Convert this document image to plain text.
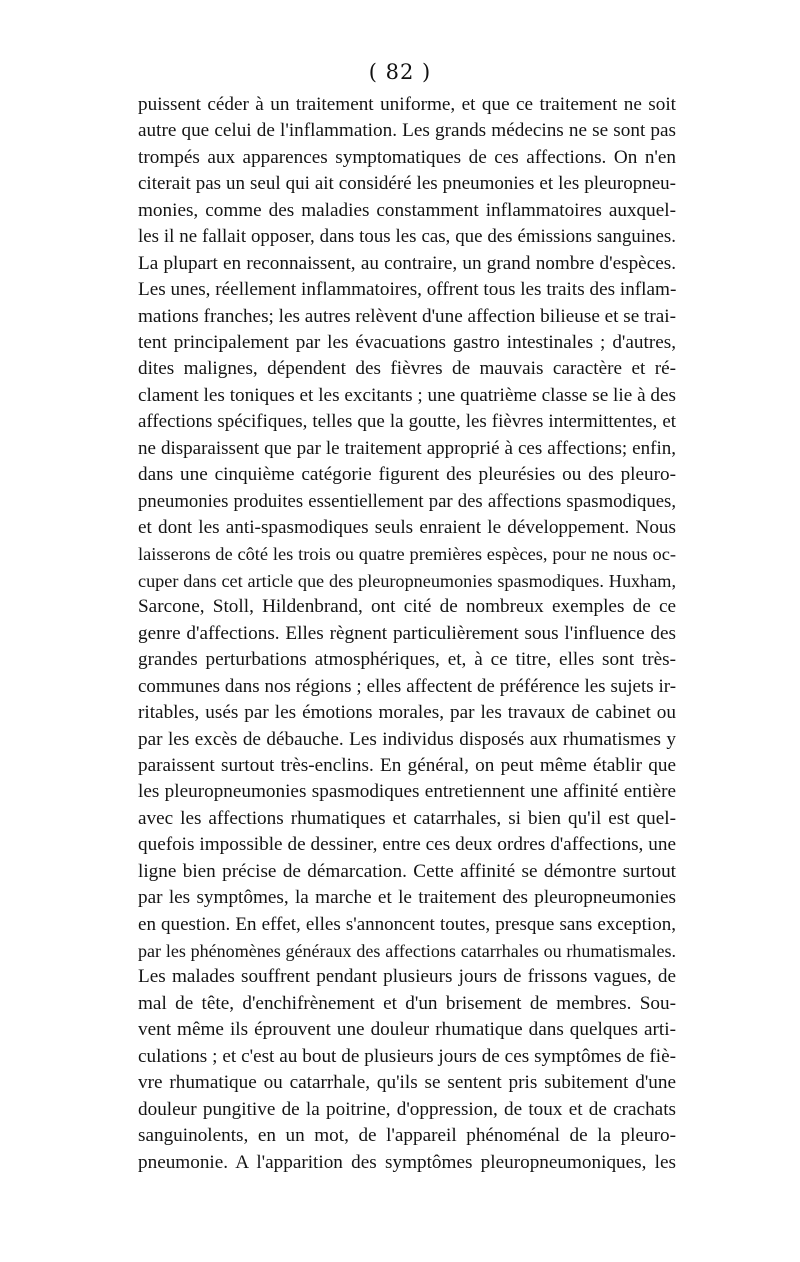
( 82 )
puissent céder à un traitement uniforme, et que ce traitement ne soit
autre que celui de l'inflammation. Les grands médecins ne se sont pas
trompés aux apparences symptomatiques de ces affections. On n'en
citerait pas un seul qui ait considéré les pneumonies et les pleuropneu-
monies, comme des maladies constamment inflammatoires auxquel-
les il ne fallait opposer, dans tous les cas, que des émissions sanguines.
La plupart en reconnaissent, au contraire, un grand nombre d'espèces.
Les unes, réellement inflammatoires, offrent tous les traits des inflam-
mations franches; les autres relèvent d'une affection bilieuse et se trai-
tent principalement par les évacuations gastro intestinales ; d'autres,
dites malignes, dépendent des fièvres de mauvais caractère et ré-
clament les toniques et les excitants ; une quatrième classe se lie à des
affections spécifiques, telles que la goutte, les fièvres intermittentes, et
ne disparaissent que par le traitement approprié à ces affections; enfin,
dans une cinquième catégorie figurent des pleurésies ou des pleuro-
pneumonies produites essentiellement par des affections spasmodiques,
et dont les anti-spasmodiques seuls enraient le développement. Nous
laisserons de côté les trois ou quatre premières espèces, pour ne nous oc-
cuper dans cet article que des pleuropneumonies spasmodiques. Huxham,
Sarcone, Stoll, Hildenbrand, ont cité de nombreux exemples de ce
genre d'affections. Elles règnent particulièrement sous l'influence des
grandes perturbations atmosphériques, et, à ce titre, elles sont très-
communes dans nos régions ; elles affectent de préférence les sujets ir-
ritables, usés par les émotions morales, par les travaux de cabinet ou
par les excès de débauche. Les individus disposés aux rhumatismes y
paraissent surtout très-enclins. En général, on peut même établir que
les pleuropneumonies spasmodiques entretiennent une affinité entière
avec les affections rhumatiques et catarrhales, si bien qu'il est quel-
quefois impossible de dessiner, entre ces deux ordres d'affections, une
ligne bien précise de démarcation. Cette affinité se démontre surtout
par les symptômes, la marche et le traitement des pleuropneumonies
en question. En effet, elles s'annoncent toutes, presque sans exception,
par les phénomènes généraux des affections catarrhales ou rhumatismales.
Les malades souffrent pendant plusieurs jours de frissons vagues, de
mal de tête, d'enchifrènement et d'un brisement de membres. Sou-
vent même ils éprouvent une douleur rhumatique dans quelques arti-
culations ; et c'est au bout de plusieurs jours de ces symptômes de fiè-
vre rhumatique ou catarrhale, qu'ils se sentent pris subitement d'une
douleur pungitive de la poitrine, d'oppression, de toux et de crachats
sanguinolents, en un mot, de l'appareil phénoménal de la pleuro-
pneumonie. A l'apparition des symptômes pleuropneumoniques, les
